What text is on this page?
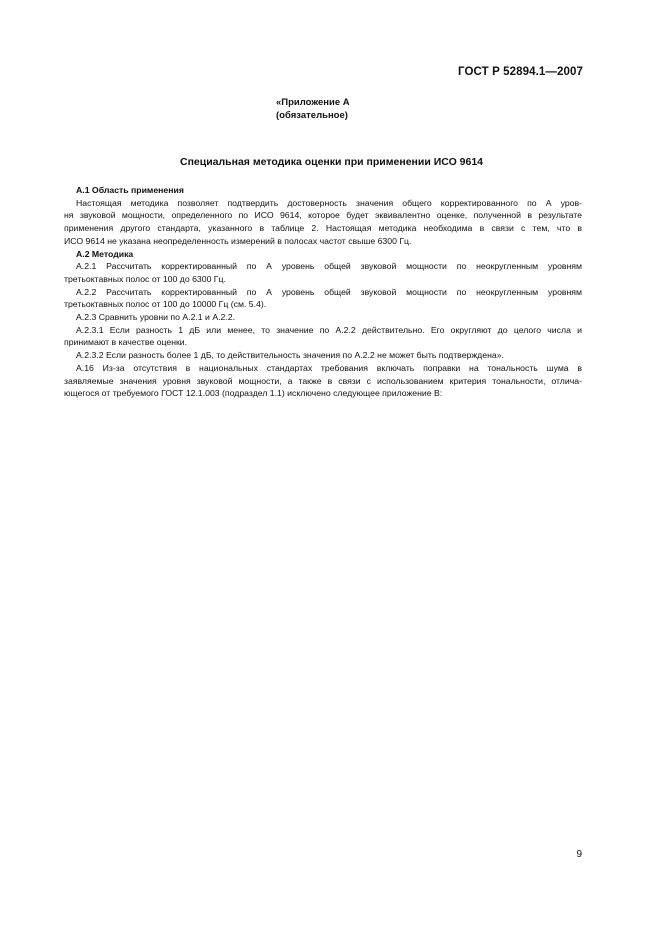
ГОСТ Р 52894.1—2007
«Приложение А
(обязательное)
Специальная методика оценки при применении ИСО 9614
А.1 Область применения
Настоящая методика позволяет подтвердить достоверность значения общего корректированного по А уров-
ня звуковой мощности, определенного по ИСО 9614, которое будет эквивалентно оценке, полученной в результате
применения другого стандарта, указанного в таблице 2. Настоящая методика необходима в связи с тем, что в
ИСО 9614 не указана неопределенность измерений в полосах частот свыше 6300 Гц.
А.2 Методика
А.2.1 Рассчитать корректированный по А уровень общей звуковой мощности по неокругленным уровням
третьоктавных полос от 100 до 6300 Гц.
А.2.2 Рассчитать корректированный по А уровень общей звуковой мощности по неокругленным уровням
третьоктавных полос от 100 до 10000 Гц (см. 5.4).
А.2.3 Сравнить уровни по А.2.1 и А.2.2.
А.2.3.1 Если разность 1 дБ или менее, то значение по А.2.2 действительно. Его округляют до целого числа и
принимают в качестве оценки.
А.2.3.2 Если разность более 1 дБ, то действительность значения по А.2.2 не может быть подтверждена».
А.16 Из-за отсутствия в национальных стандартах требования включать поправки на тональность шума в
заявляемые значения уровня звуковой мощности, а также в связи с использованием критерия тональности, отлича-
ющегося от требуемого ГОСТ 12.1.003 (подраздел 1.1) исключено следующее приложение В:
9
